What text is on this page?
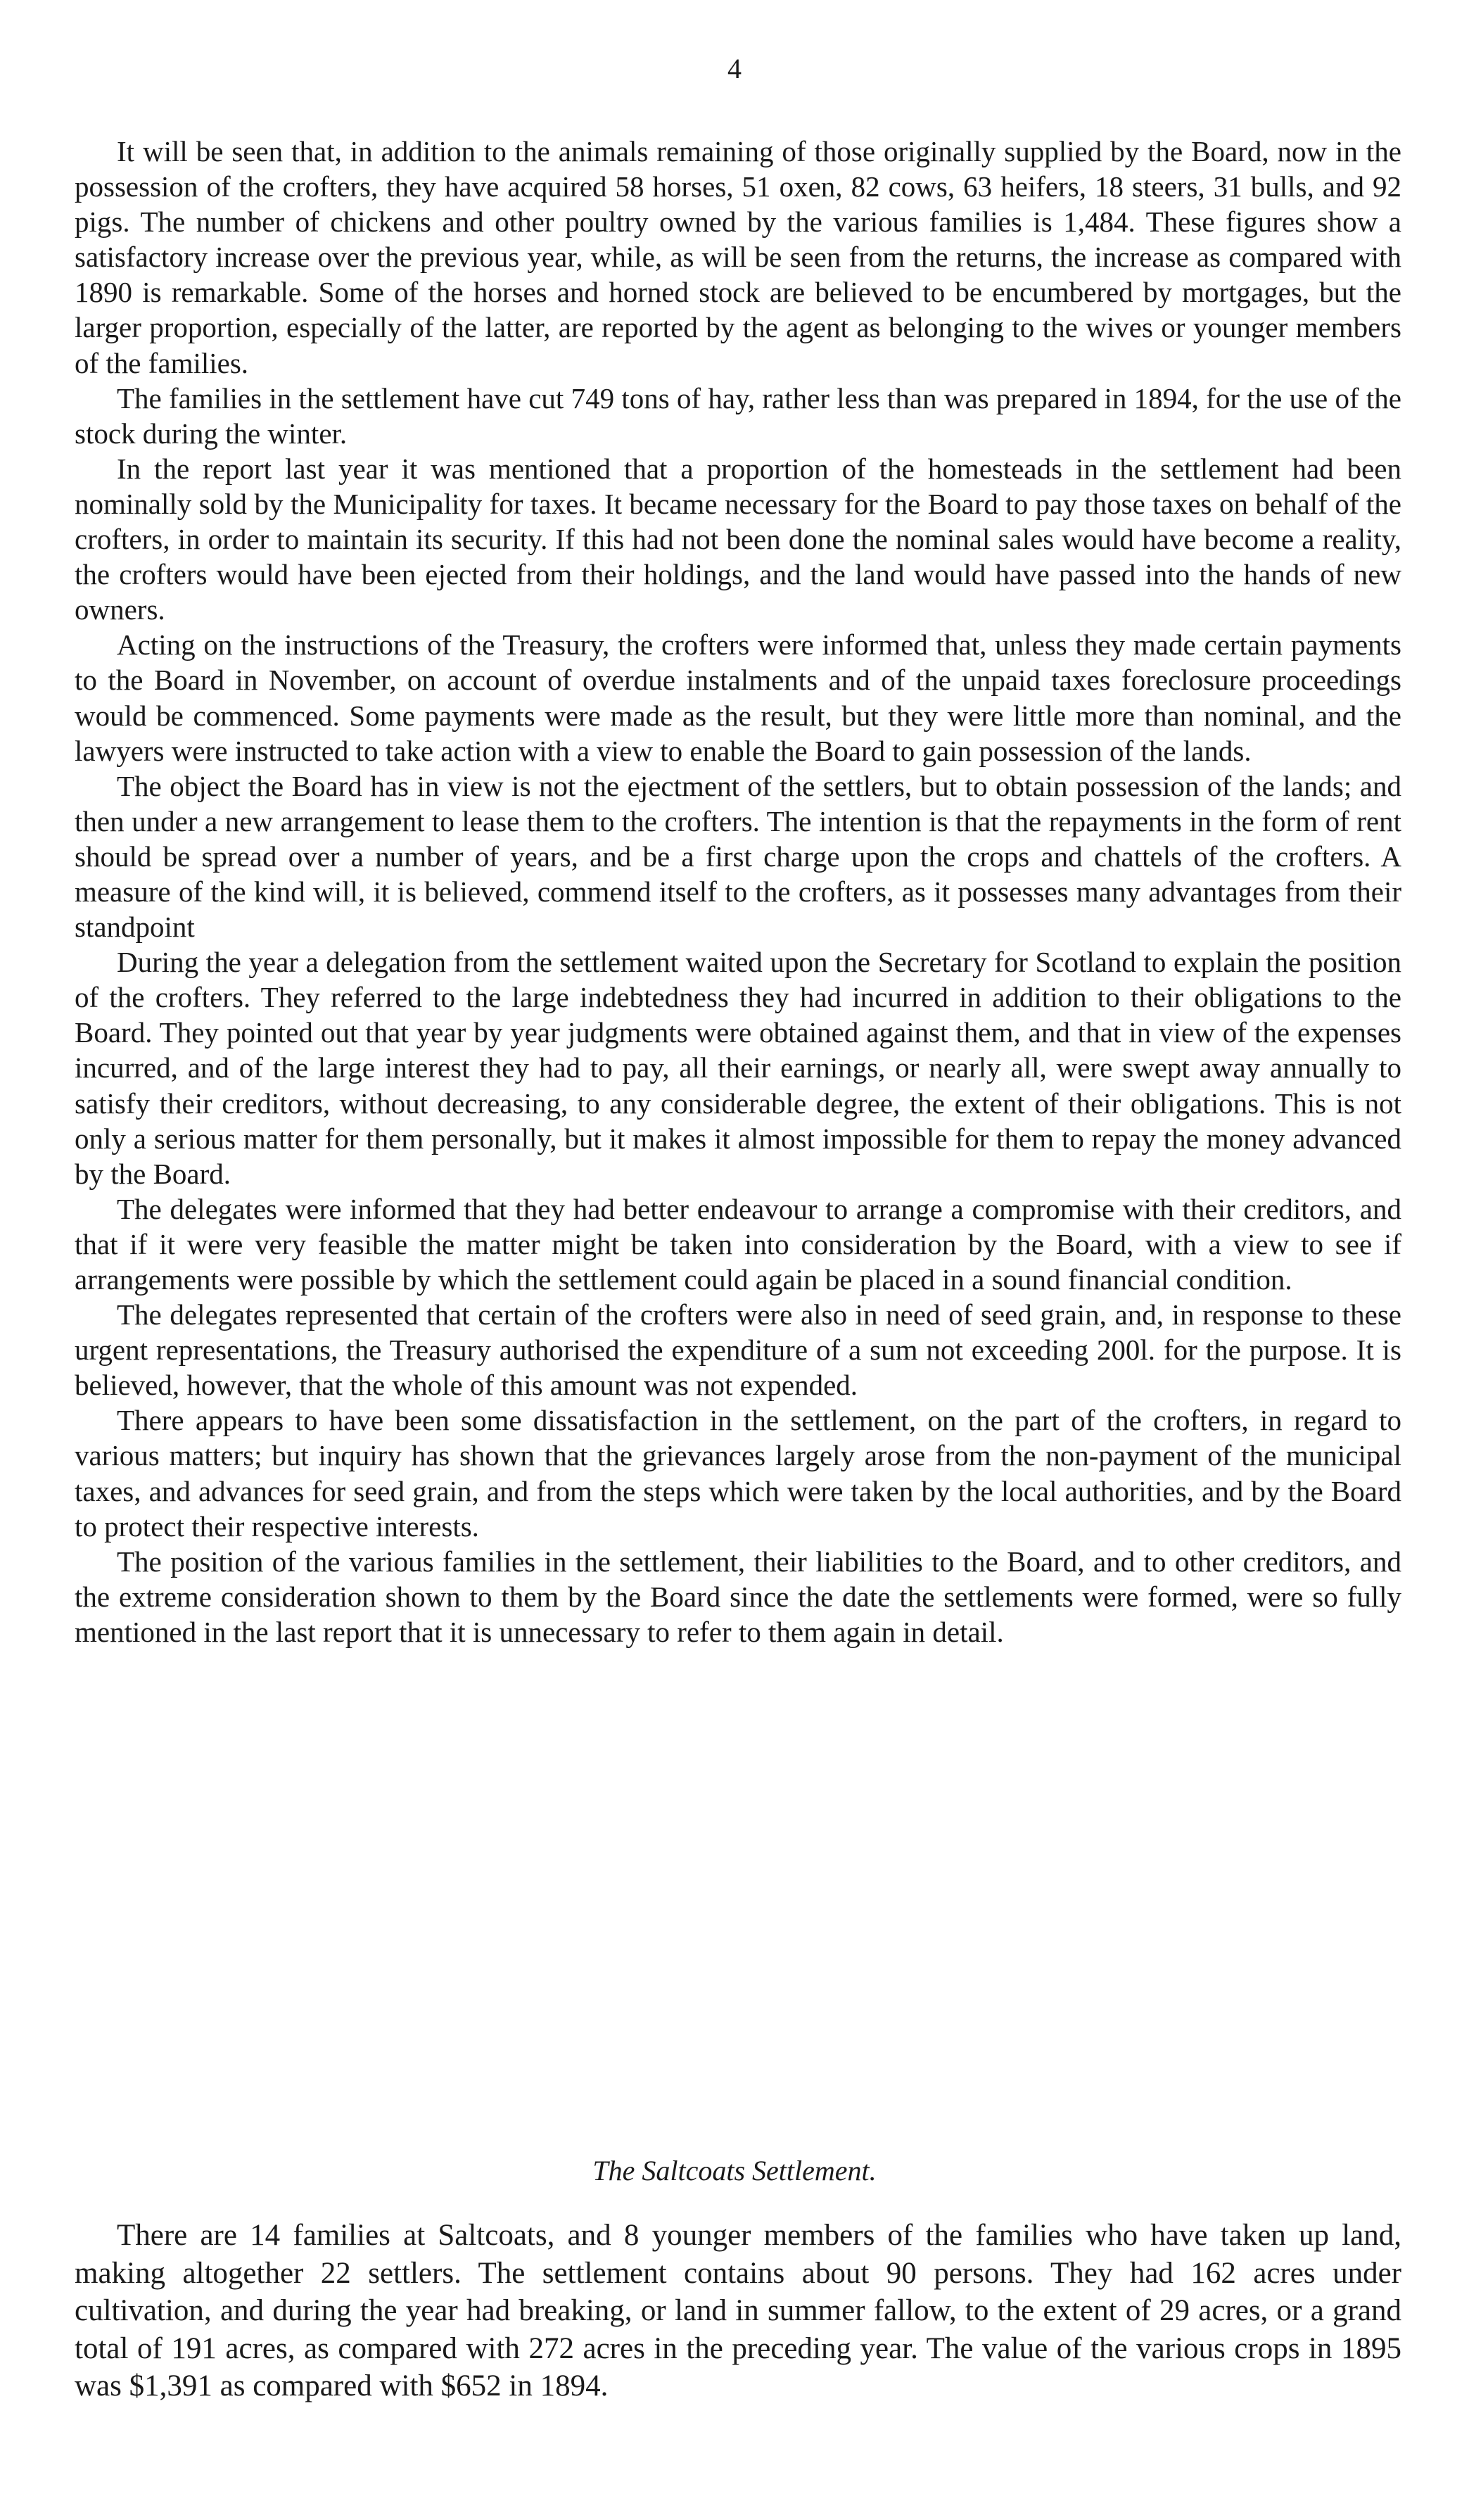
4

It will be seen that, in addition to the animals remaining of those originally supplied by the Board, now in the possession of the crofters, they have acquired 58 horses, 51 oxen, 82 cows, 63 heifers, 18 steers, 31 bulls, and 92 pigs. The number of chickens and other poultry owned by the various families is 1,484. These figures show a satisfactory increase over the previous year, while, as will be seen from the returns, the increase as compared with 1890 is remarkable. Some of the horses and horned stock are believed to be encumbered by mortgages, but the larger proportion, especially of the latter, are reported by the agent as belonging to the wives or younger members of the families.

The families in the settlement have cut 749 tons of hay, rather less than was prepared in 1894, for the use of the stock during the winter.

In the report last year it was mentioned that a proportion of the homesteads in the settlement had been nominally sold by the Municipality for taxes. It became necessary for the Board to pay those taxes on behalf of the crofters, in order to maintain its security. If this had not been done the nominal sales would have become a reality, the crofters would have been ejected from their holdings, and the land would have passed into the hands of new owners.

Acting on the instructions of the Treasury, the crofters were informed that, unless they made certain payments to the Board in November, on account of overdue instalments and of the unpaid taxes foreclosure proceedings would be commenced. Some payments were made as the result, but they were little more than nominal, and the lawyers were instructed to take action with a view to enable the Board to gain possession of the lands.

The object the Board has in view is not the ejectment of the settlers, but to obtain possession of the lands; and then under a new arrangement to lease them to the crofters. The intention is that the repayments in the form of rent should be spread over a number of years, and be a first charge upon the crops and chattels of the crofters. A measure of the kind will, it is believed, commend itself to the crofters, as it possesses many advantages from their standpoint

During the year a delegation from the settlement waited upon the Secretary for Scotland to explain the position of the crofters. They referred to the large indebtedness they had incurred in addition to their obligations to the Board. They pointed out that year by year judgments were obtained against them, and that in view of the expenses incurred, and of the large interest they had to pay, all their earnings, or nearly all, were swept away annually to satisfy their creditors, without decreasing, to any considerable degree, the extent of their obligations. This is not only a serious matter for them personally, but it makes it almost impossible for them to repay the money advanced by the Board.

The delegates were informed that they had better endeavour to arrange a compromise with their creditors, and that if it were very feasible the matter might be taken into consideration by the Board, with a view to see if arrangements were possible by which the settlement could again be placed in a sound financial condition.

The delegates represented that certain of the crofters were also in need of seed grain, and, in response to these urgent representations, the Treasury authorised the expenditure of a sum not exceeding 200l. for the purpose. It is believed, however, that the whole of this amount was not expended.

There appears to have been some dissatisfaction in the settlement, on the part of the crofters, in regard to various matters; but inquiry has shown that the grievances largely arose from the non-payment of the municipal taxes, and advances for seed grain, and from the steps which were taken by the local authorities, and by the Board to protect their respective interests.

The position of the various families in the settlement, their liabilities to the Board, and to other creditors, and the extreme consideration shown to them by the Board since the date the settlements were formed, were so fully mentioned in the last report that it is unnecessary to refer to them again in detail.

The Saltcoats Settlement.

There are 14 families at Saltcoats, and 8 younger members of the families who have taken up land, making altogether 22 settlers. The settlement contains about 90 persons. They had 162 acres under cultivation, and during the year had breaking, or land in summer fallow, to the extent of 29 acres, or a grand total of 191 acres, as compared with 272 acres in the preceding year. The value of the various crops in 1895 was $1,391 as compared with $652 in 1894.
